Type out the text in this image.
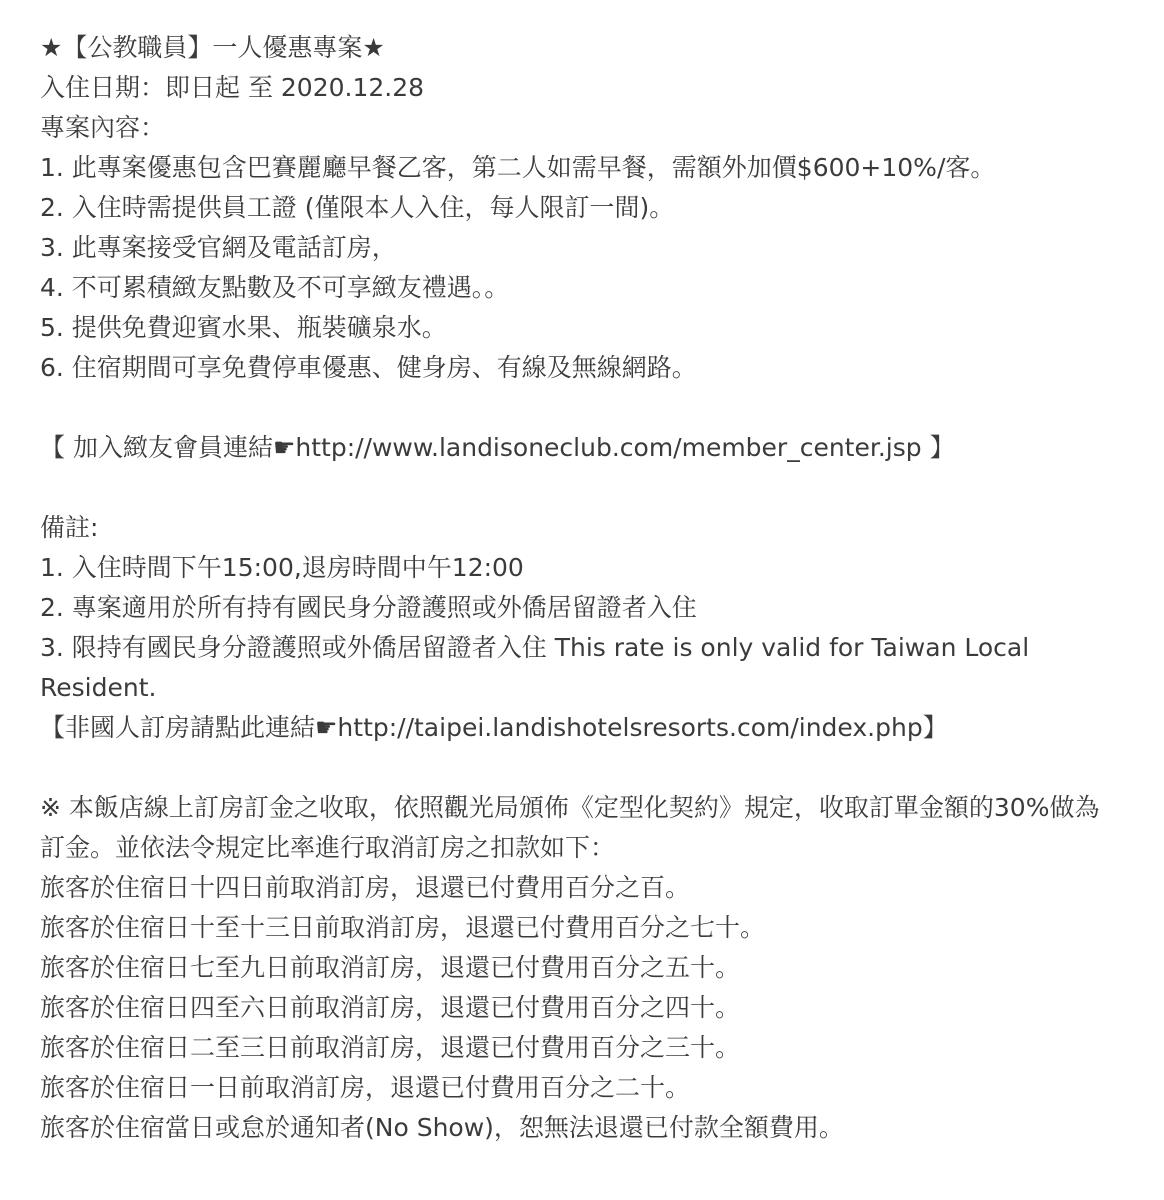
★【公教職員】一人優惠專案★

入住日期：即日起 至 2020.12.28

專案內容：

1. 此專案優惠包含巴賽麗廳早餐乙客，第二人如需早餐，需額外加價$600+10%/客。

2. 入住時需提供員工證 (僅限本人入住，每人限訂一間)。

3. 此專案接受官網及電話訂房，

4. 不可累積緻友點數及不可享緻友禮遇。。

5. 提供免費迎賓水果、瓶裝礦泉水。

6. 住宿期間可享免費停車優惠、健身房、有線及無線網路。

【 加入緻友會員連結☛http://www.landisoneclub.com/member_center.jsp 】

備註:

1. 入住時間下午15:00,退房時間中午12:00

2. 專案適用於所有持有國民身分證護照或外僑居留證者入住

3. 限持有國民身分證護照或外僑居留證者入住 This rate is only valid for Taiwan Local Resident.

【非國人訂房請點此連結☛http://taipei.landishotelsresorts.com/index.php】

※ 本飯店線上訂房訂金之收取，依照觀光局頒佈《定型化契約》規定，收取訂單金額的30%做為訂金。並依法令規定比率進行取消訂房之扣款如下：

旅客於住宿日十四日前取消訂房，退還已付費用百分之百。

旅客於住宿日十至十三日前取消訂房，退還已付費用百分之七十。

旅客於住宿日七至九日前取消訂房，退還已付費用百分之五十。

旅客於住宿日四至六日前取消訂房，退還已付費用百分之四十。

旅客於住宿日二至三日前取消訂房，退還已付費用百分之三十。

旅客於住宿日一日前取消訂房，退還已付費用百分之二十。

旅客於住宿當日或怠於通知者(No Show)，恕無法退還已付款全額費用。
